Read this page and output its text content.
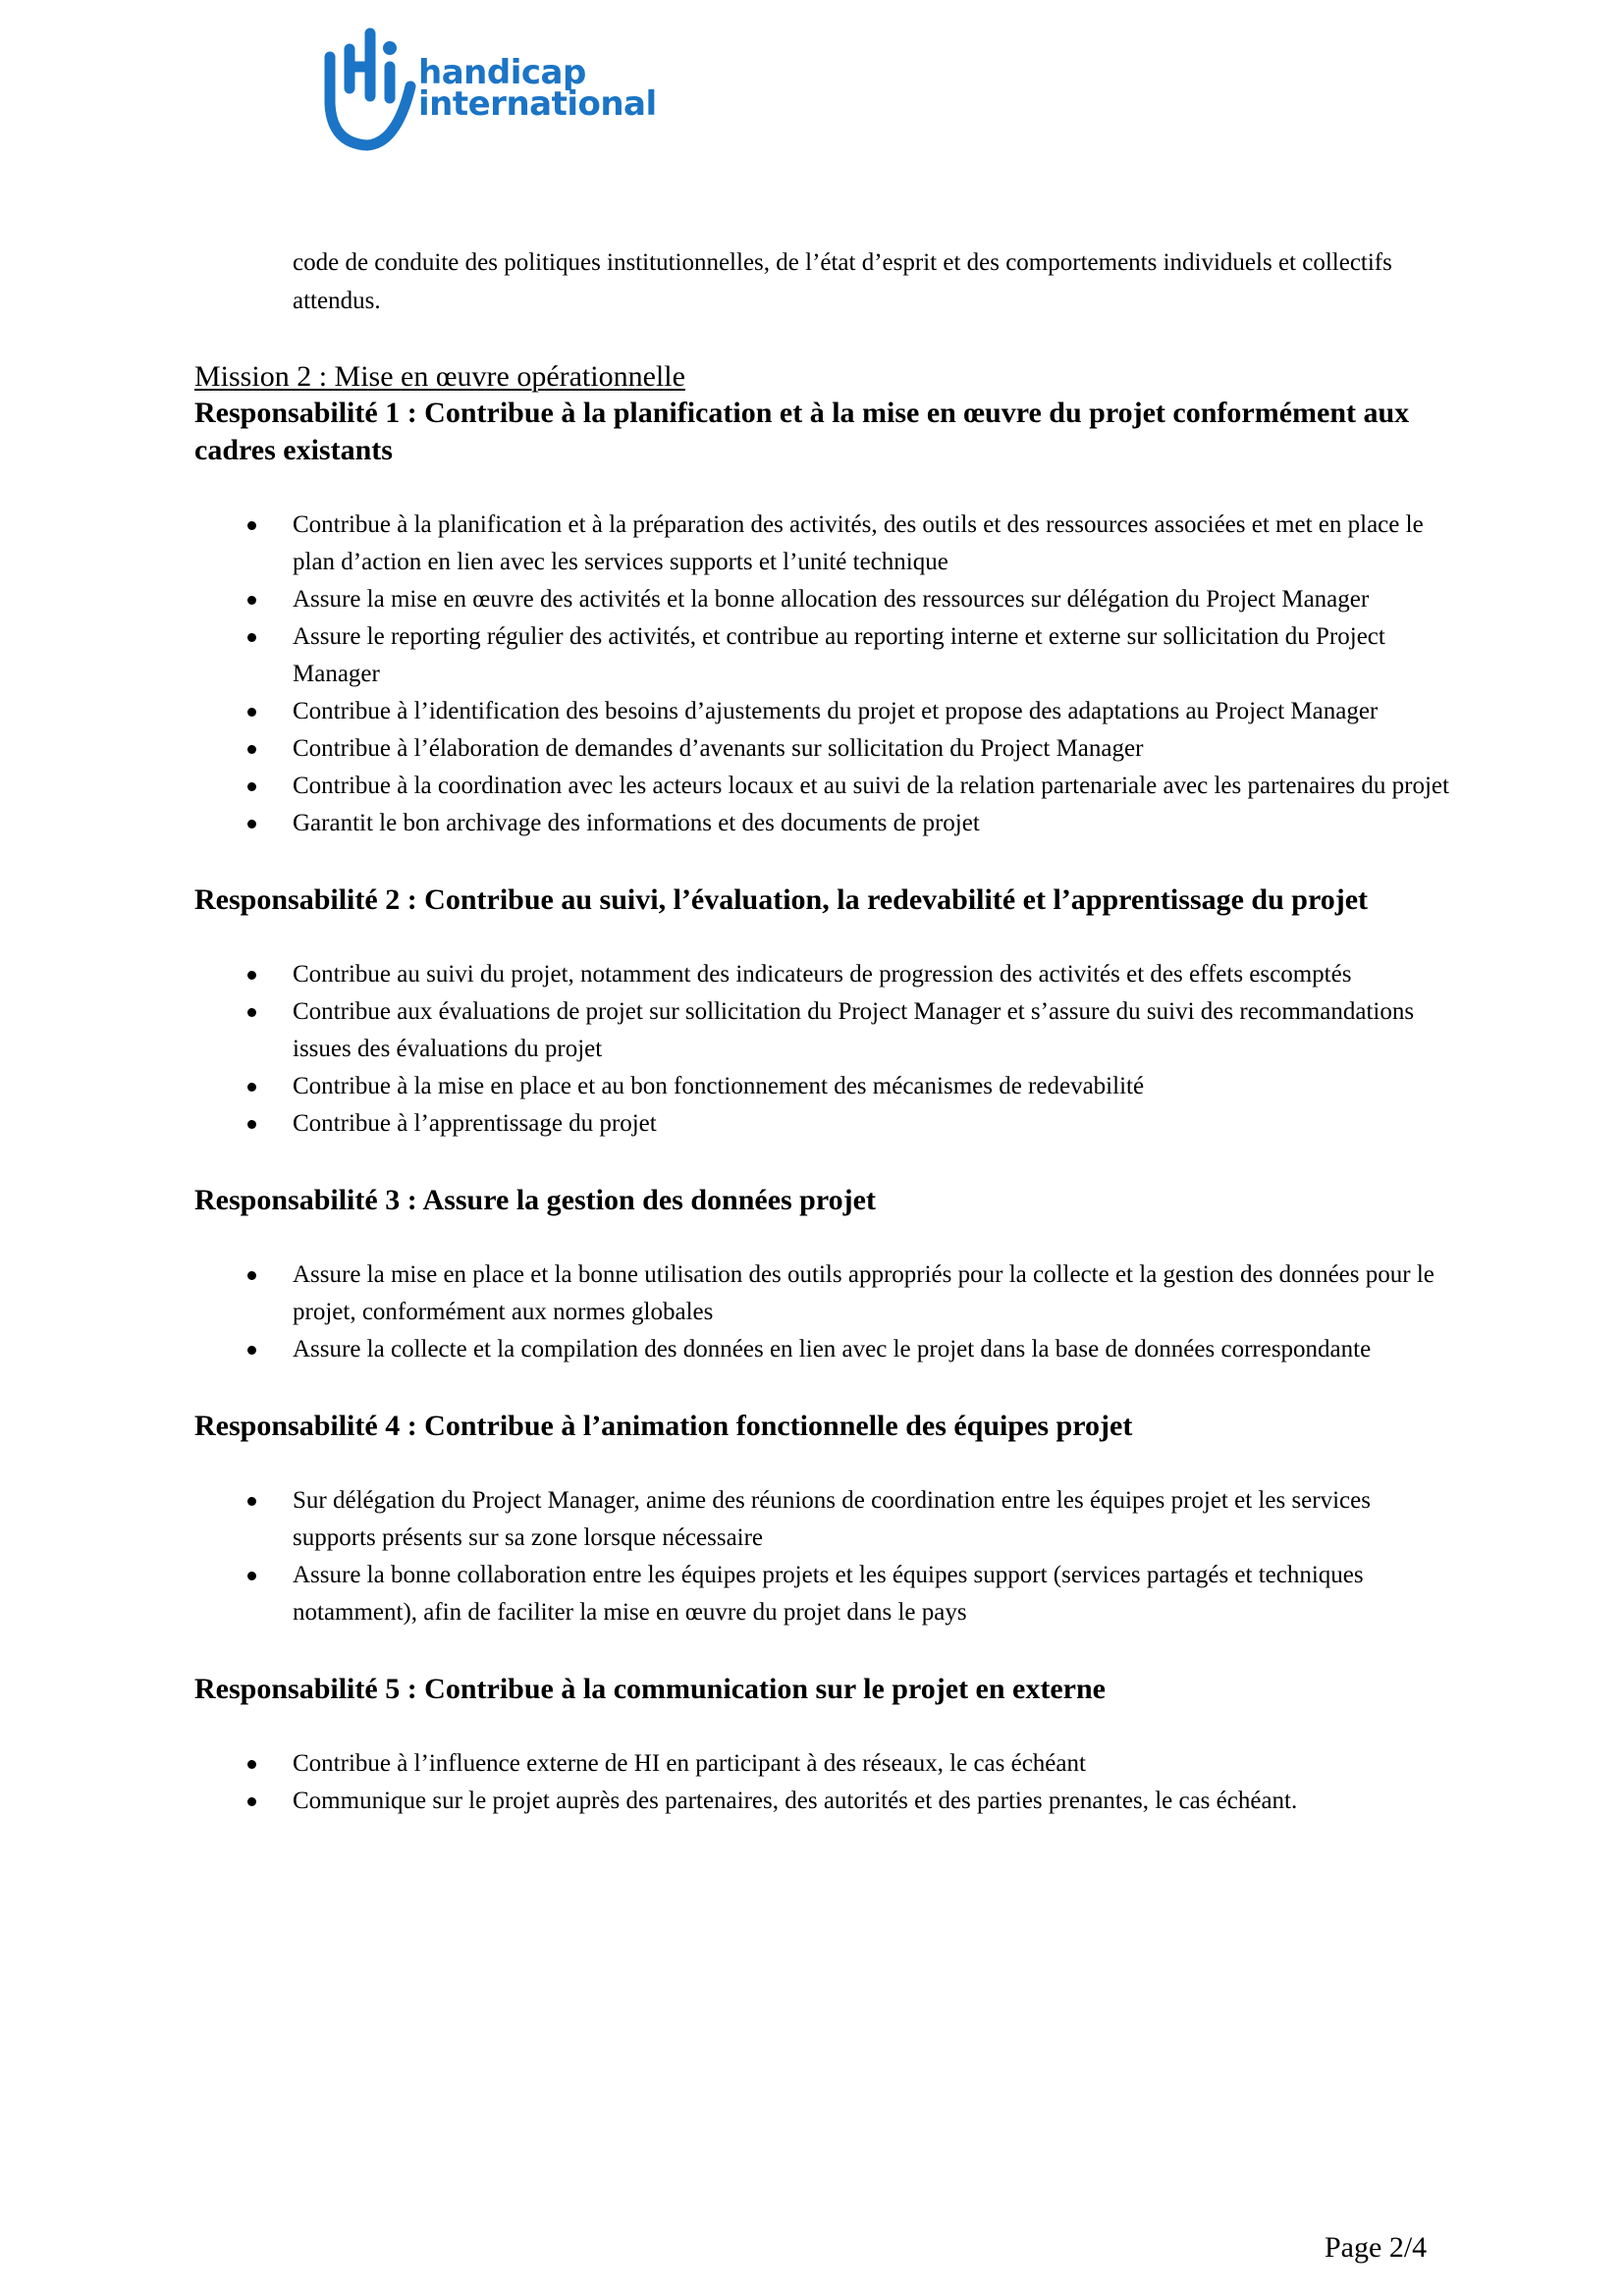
handicap
international

code de conduite des politiques institutionnelles, de l’état d’esprit et des comportements individuels et collectifs attendus.

Mission 2 : Mise en œuvre opérationnelle
Responsabilité 1 : Contribue à la planification et à la mise en œuvre du projet conformément aux cadres existants
Contribue à la planification et à la préparation des activités, des outils et des ressources associées et met en place le plan d’action en lien avec les services supports et l’unité technique
Assure la mise en œuvre des activités et la bonne allocation des ressources sur délégation du Project Manager
Assure le reporting régulier des activités, et contribue au reporting interne et externe sur sollicitation du Project Manager
Contribue à l’identification des besoins d’ajustements du projet et propose des adaptations au Project Manager
Contribue à l’élaboration de demandes d’avenants sur sollicitation du Project Manager
Contribue à la coordination avec les acteurs locaux et au suivi de la relation partenariale avec les partenaires du projet
Garantit le bon archivage des informations et des documents de projet
Responsabilité 2 : Contribue au suivi, l’évaluation, la redevabilité et l’apprentissage du projet
Contribue au suivi du projet, notamment des indicateurs de progression des activités et des effets escomptés
Contribue aux évaluations de projet sur sollicitation du Project Manager et s’assure du suivi des recommandations issues des évaluations du projet
Contribue à la mise en place et au bon fonctionnement des mécanismes de redevabilité
Contribue à l’apprentissage du projet
Responsabilité 3 : Assure la gestion des données projet
Assure la mise en place et la bonne utilisation des outils appropriés pour la collecte et la gestion des données pour le projet, conformément aux normes globales
Assure la collecte et la compilation des données en lien avec le projet dans la base de données correspondante
Responsabilité 4 : Contribue à l’animation fonctionnelle des équipes projet
Sur délégation du Project Manager, anime des réunions de coordination entre les équipes projet et les services supports présents sur sa zone lorsque nécessaire
Assure la bonne collaboration entre les équipes projets et les équipes support (services partagés et techniques notamment), afin de faciliter la mise en œuvre du projet dans le pays
Responsabilité 5 : Contribue à la communication sur le projet en externe
Contribue à l’influence externe de HI en participant à des réseaux, le cas échéant
Communique sur le projet auprès des partenaires, des autorités et des parties prenantes, le cas échéant.
Page 2/4
